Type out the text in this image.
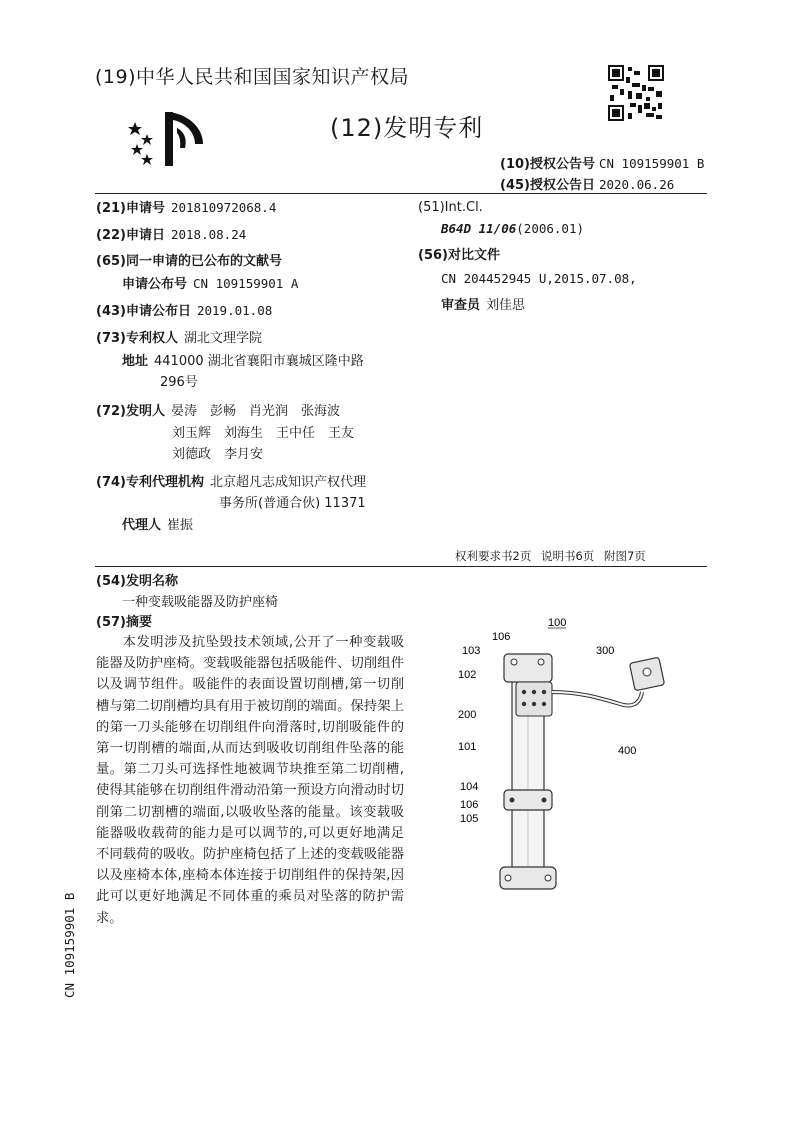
(19)中华人民共和国国家知识产权局
(12)发明专利
(10)授权公告号 CN 109159901 B
(45)授权公告日 2020.06.26
(21)申请号 201810972068.4
(22)申请日 2018.08.24
(65)同一申请的已公布的文献号
申请公布号 CN 109159901 A
(43)申请公布日 2019.01.08
(73)专利权人 湖北文理学院
地址 441000 湖北省襄阳市襄城区隆中路
296号
(72)发明人 晏涛　彭畅　肖光润　张海波
刘玉辉　刘海生　王中任　王友
刘德政　李月安
(74)专利代理机构 北京超凡志成知识产权代理
事务所(普通合伙) 11371
代理人 崔振
(51)Int.Cl.
B64D 11/06(2006.01)
(56)对比文件
CN 204452945 U,2015.07.08,
审查员 刘佳思
权利要求书2页 说明书6页 附图7页
(54)发明名称
一种变载吸能器及防护座椅
(57)摘要
本发明涉及抗坠毁技术领域,公开了一种变载吸能器及防护座椅。变载吸能器包括吸能件、切削组件以及调节组件。吸能件的表面设置切削槽,第一切削槽与第二切削槽均具有用于被切削的端面。保持架上的第一刀头能够在切削组件向滑落时,切削吸能件的第一切削槽的端面,从而达到吸收切削组件坠落的能量。第二刀头可选择性地被调节块推至第二切削槽,使得其能够在切削组件滑动沿第一预设方向滑动时切削第二切割槽的端面,以吸收坠落的能量。该变载吸能器吸收载荷的能力是可以调节的,可以更好地满足不同载荷的吸收。防护座椅包括了上述的变载吸能器以及座椅本体,座椅本体连接于切削组件的保持架,因此可以更好地满足不同体重的乘员对坠落的防护需求。
CN 109159901 B
100
106
103	300
102
200
101	400
104
106
105
